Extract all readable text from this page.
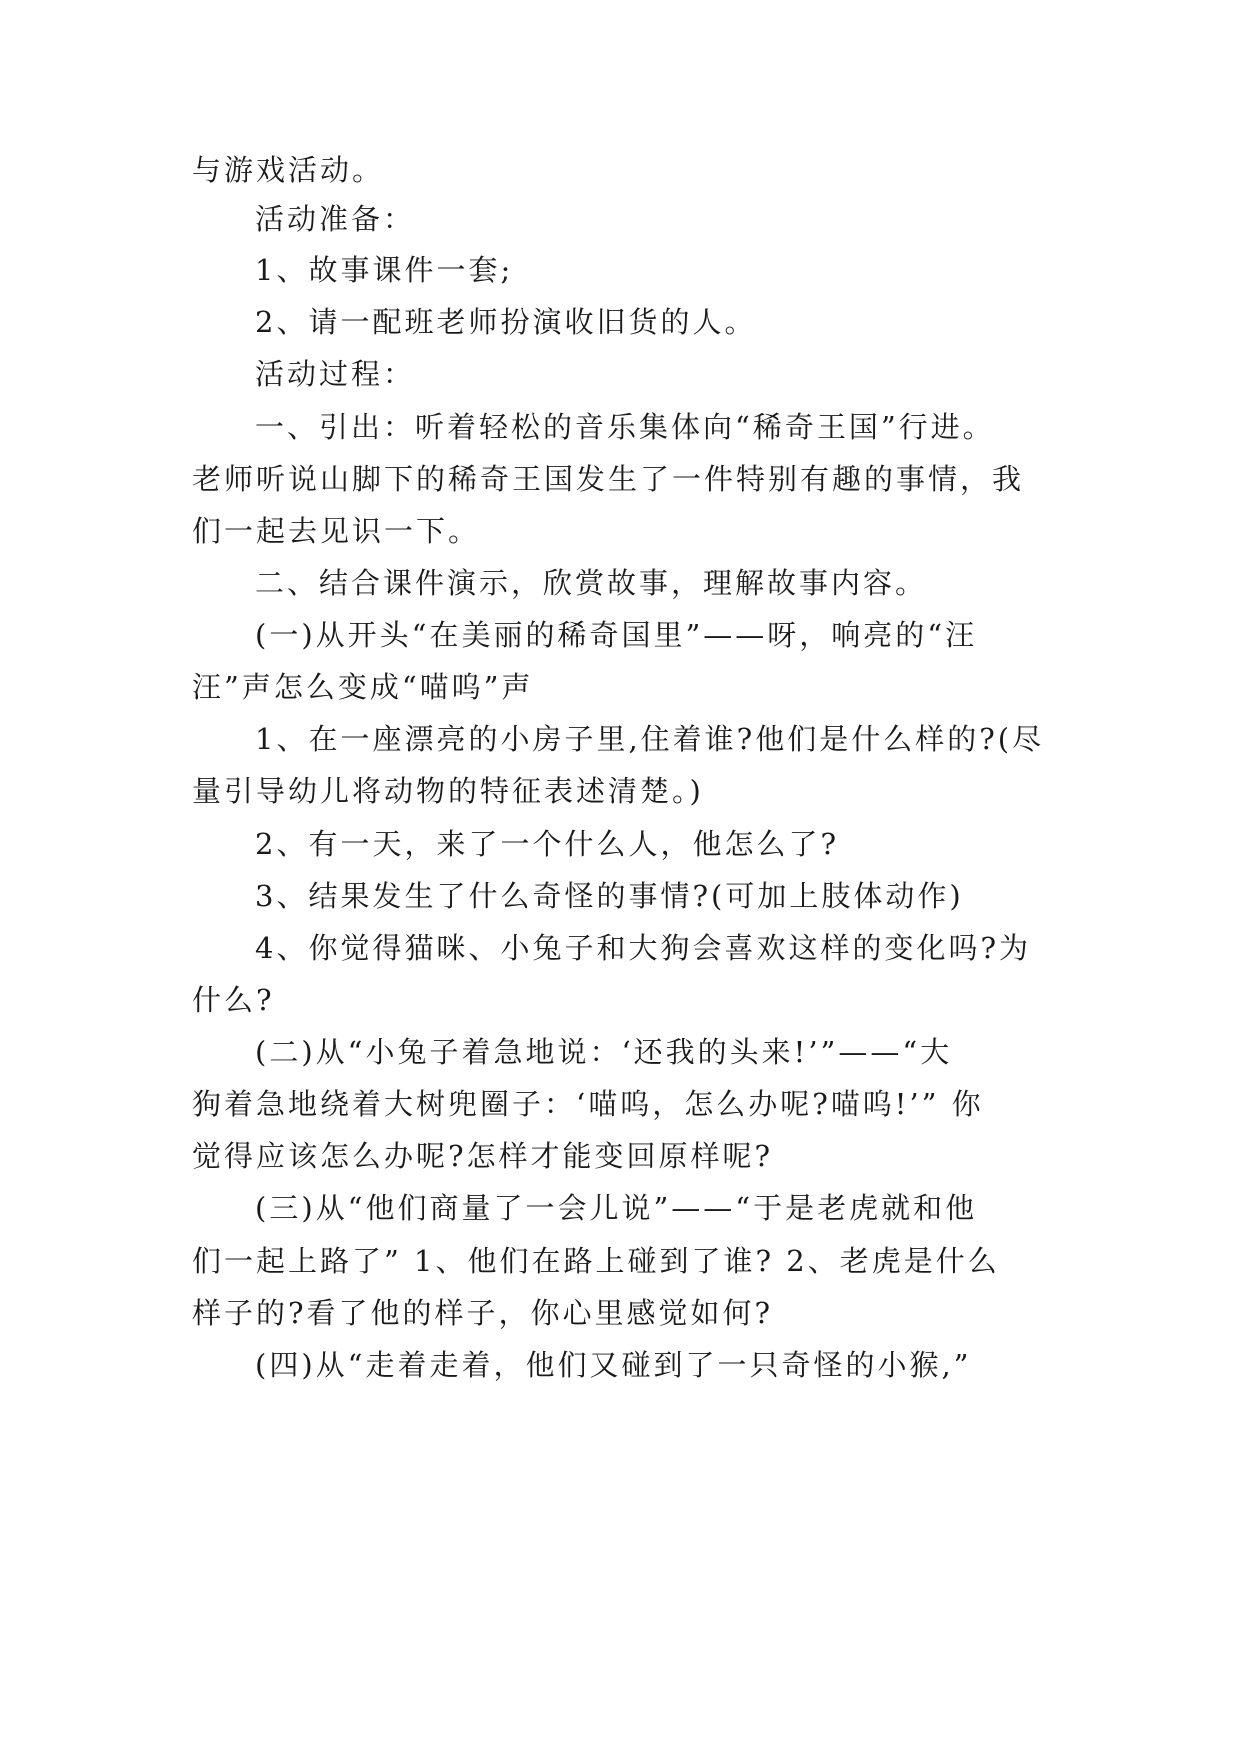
与游戏活动。
活动准备：
1、故事课件一套;
2、请一配班老师扮演收旧货的人。
活动过程：
一、引出：听着轻松的音乐集体向“稀奇王国”行进。
老师听说山脚下的稀奇王国发生了一件特别有趣的事情，我
们一起去见识一下。
二、结合课件演示，欣赏故事，理解故事内容。
(一)从开头“在美丽的稀奇国里”——呀，响亮的“汪
汪”声怎么变成“喵呜”声
1、在一座漂亮的小房子里,住着谁?他们是什么样的?(尽
量引导幼儿将动物的特征表述清楚。)
2、有一天，来了一个什么人，他怎么了?
3、结果发生了什么奇怪的事情?(可加上肢体动作)
4、你觉得猫咪、小兔子和大狗会喜欢这样的变化吗?为
什么?
(二)从“小兔子着急地说：‘还我的头来!’”——“大
狗着急地绕着大树兜圈子：‘喵呜，怎么办呢?喵呜!’” 你
觉得应该怎么办呢?怎样才能变回原样呢?
(三)从“他们商量了一会儿说”——“于是老虎就和他
们一起上路了” 1、他们在路上碰到了谁? 2、老虎是什么
样子的?看了他的样子，你心里感觉如何?
(四)从“走着走着，他们又碰到了一只奇怪的小猴,”
